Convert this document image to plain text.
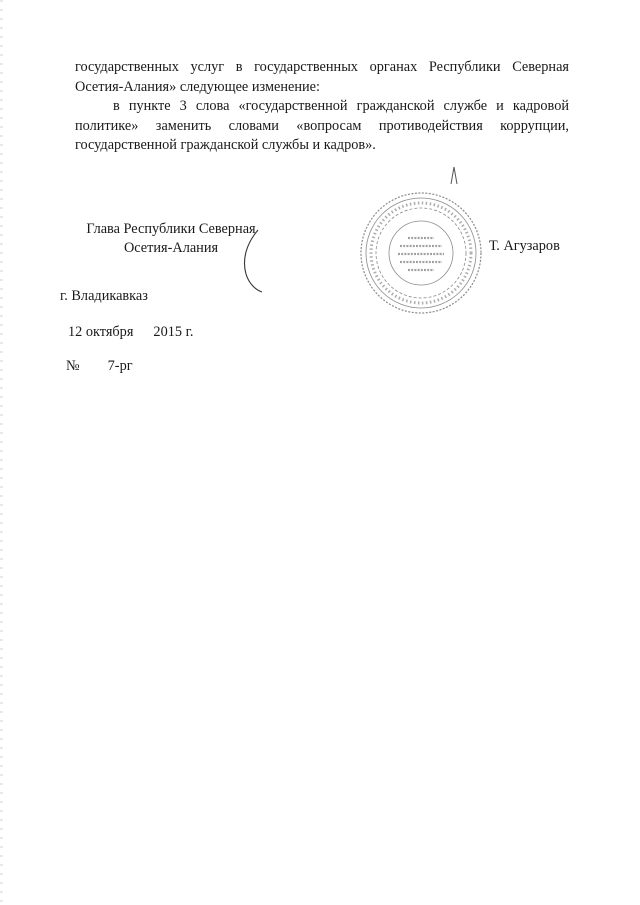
государственных услуг в государственных органах Республики Северная Осетия-Алания» следующее изменение:

в пункте 3 слова «государственной гражданской службе и кадровой политике» заменить словами «вопросам противодействия коррупции, государственной гражданской службы и кадров».

Глава Республики Северная
Осетия-Алания	Т. Агузаров
г. Владикавказ
12 октября 2015 г.
№ 7-рг
